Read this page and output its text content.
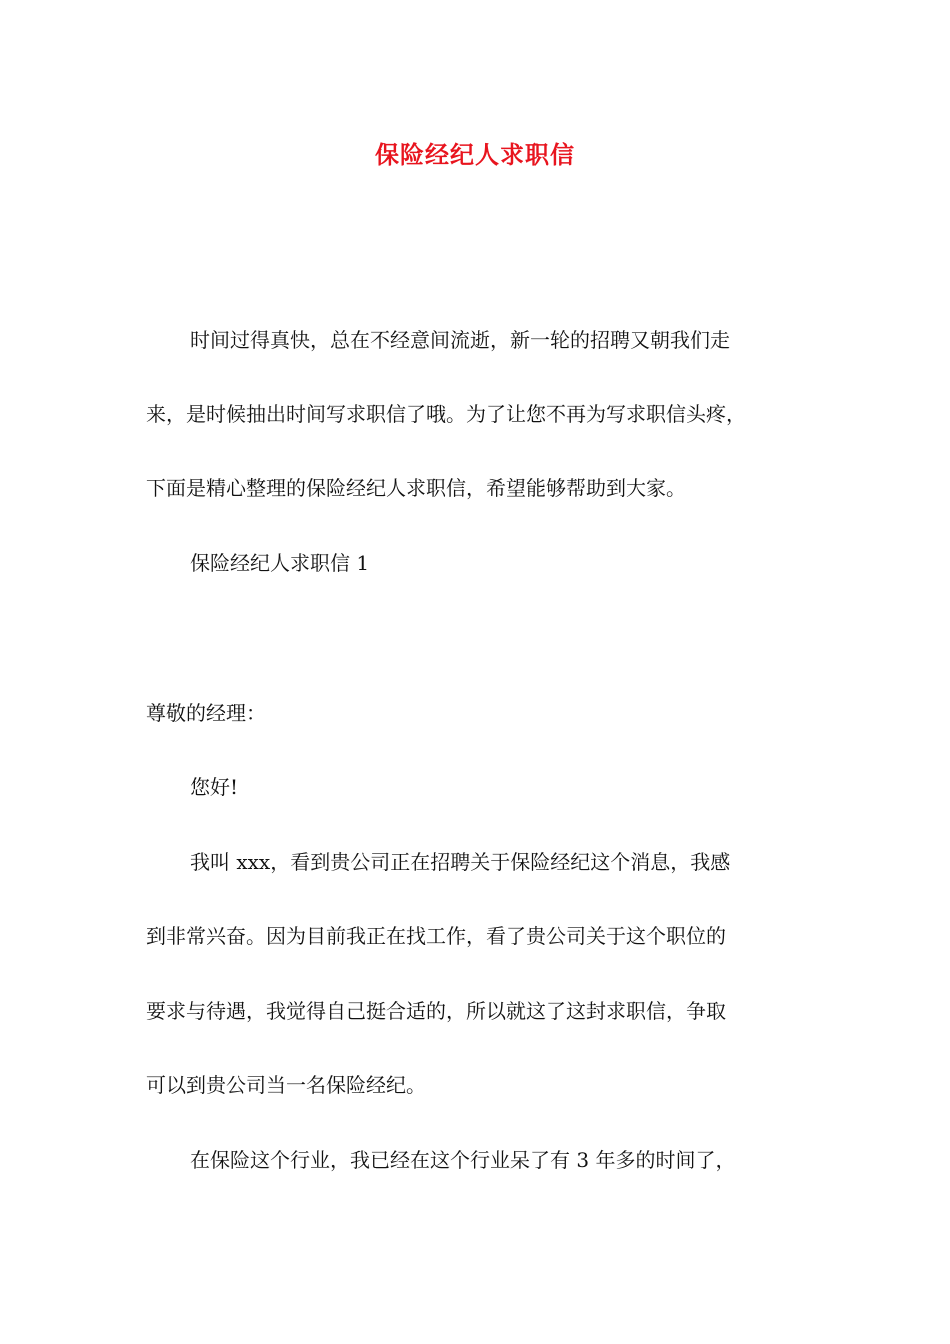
保险经纪人求职信
时间过得真快，总在不经意间流逝，新一轮的招聘又朝我们走
来，是时候抽出时间写求职信了哦。为了让您不再为写求职信头疼，
下面是精心整理的保险经纪人求职信，希望能够帮助到大家。
保险经纪人求职信 1
尊敬的经理：
您好!
我叫 xxx，看到贵公司正在招聘关于保险经纪这个消息，我感
到非常兴奋。因为目前我正在找工作，看了贵公司关于这个职位的
要求与待遇，我觉得自己挺合适的，所以就这了这封求职信，争取
可以到贵公司当一名保险经纪。
在保险这个行业，我已经在这个行业呆了有 3 年多的时间了，
